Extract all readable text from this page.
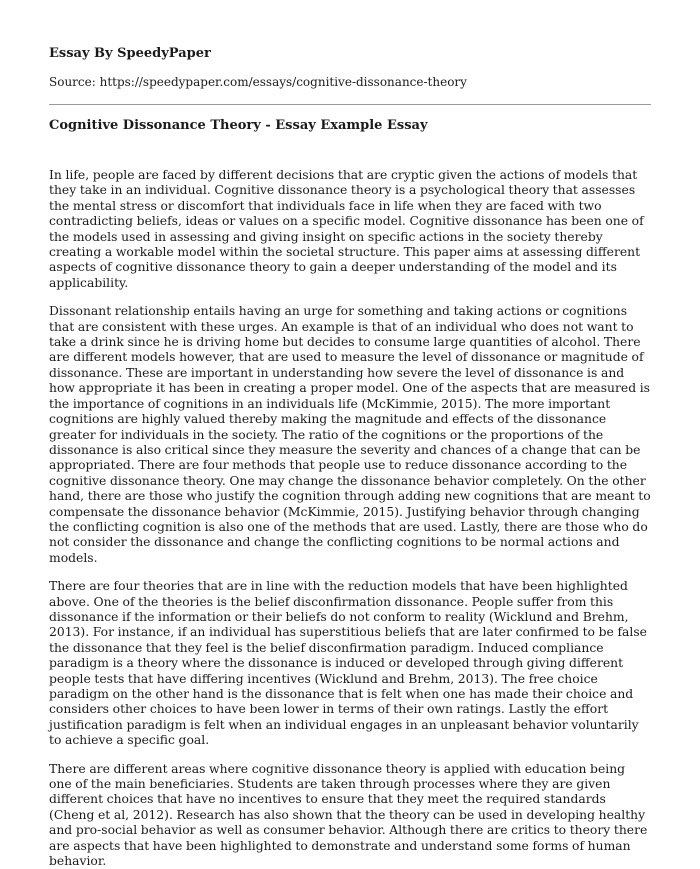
Essay By SpeedyPaper
Source: https://speedypaper.com/essays/cognitive-dissonance-theory
Cognitive Dissonance Theory - Essay Example Essay

In life, people are faced by different decisions that are cryptic given the actions of models that they take in an individual. Cognitive dissonance theory is a psychological theory that assesses the mental stress or discomfort that individuals face in life when they are faced with two contradicting beliefs, ideas or values on a specific model. Cognitive dissonance has been one of the models used in assessing and giving insight on specific actions in the society thereby creating a workable model within the societal structure. This paper aims at assessing different aspects of cognitive dissonance theory to gain a deeper understanding of the model and its applicability.

Dissonant relationship entails having an urge for something and taking actions or cognitions that are consistent with these urges. An example is that of an individual who does not want to take a drink since he is driving home but decides to consume large quantities of alcohol. There are different models however, that are used to measure the level of dissonance or magnitude of dissonance. These are important in understanding how severe the level of dissonance is and how appropriate it has been in creating a proper model. One of the aspects that are measured is the importance of cognitions in an individuals life (McKimmie, 2015). The more important cognitions are highly valued thereby making the magnitude and effects of the dissonance greater for individuals in the society. The ratio of the cognitions or the proportions of the dissonance is also critical since they measure the severity and chances of a change that can be appropriated. There are four methods that people use to reduce dissonance according to the cognitive dissonance theory. One may change the dissonance behavior completely. On the other hand, there are those who justify the cognition through adding new cognitions that are meant to compensate the dissonance behavior (McKimmie, 2015). Justifying behavior through changing the conflicting cognition is also one of the methods that are used. Lastly, there are those who do not consider the dissonance and change the conflicting cognitions to be normal actions and models.

There are four theories that are in line with the reduction models that have been highlighted above. One of the theories is the belief disconfirmation dissonance. People suffer from this dissonance if the information or their beliefs do not conform to reality (Wicklund and Brehm, 2013). For instance, if an individual has superstitious beliefs that are later confirmed to be false the dissonance that they feel is the belief disconfirmation paradigm. Induced compliance paradigm is a theory where the dissonance is induced or developed through giving different people tests that have differing incentives (Wicklund and Brehm, 2013). The free choice paradigm on the other hand is the dissonance that is felt when one has made their choice and considers other choices to have been lower in terms of their own ratings. Lastly the effort justification paradigm is felt when an individual engages in an unpleasant behavior voluntarily to achieve a specific goal.

There are different areas where cognitive dissonance theory is applied with education being one of the main beneficiaries. Students are taken through processes where they are given different choices that have no incentives to ensure that they meet the required standards (Cheng et al, 2012). Research has also shown that the theory can be used in developing healthy and pro-social behavior as well as consumer behavior. Although there are critics to theory there are aspects that have been highlighted to demonstrate and understand some forms of human behavior.
